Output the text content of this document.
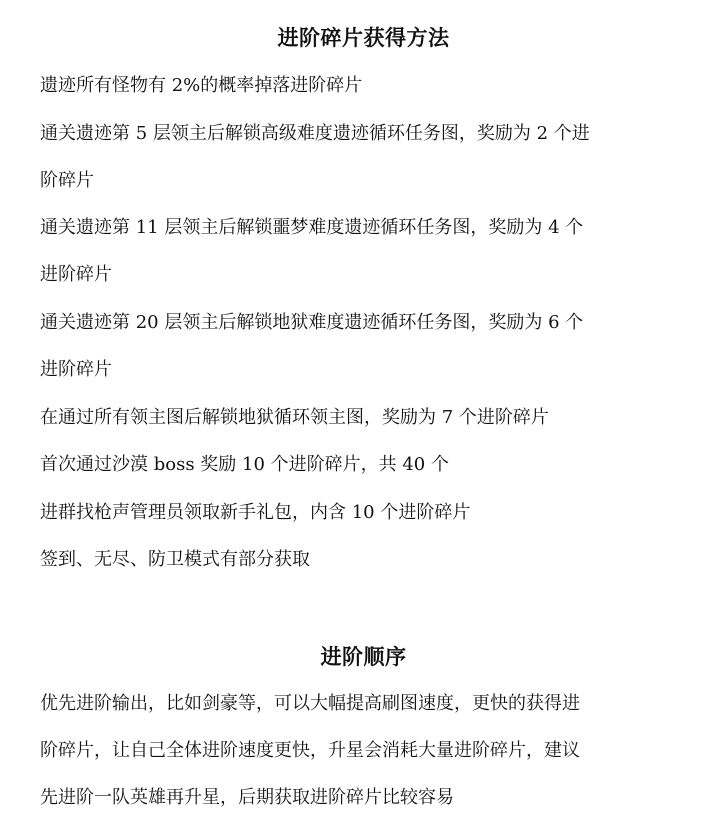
进阶碎片获得方法

遗迹所有怪物有 2%的概率掉落进阶碎片

通关遗迹第 5 层领主后解锁高级难度遗迹循环任务图，奖励为 2 个进

阶碎片

通关遗迹第 11 层领主后解锁噩梦难度遗迹循环任务图，奖励为 4 个

进阶碎片

通关遗迹第 20 层领主后解锁地狱难度遗迹循环任务图，奖励为 6 个

进阶碎片

在通过所有领主图后解锁地狱循环领主图，奖励为 7 个进阶碎片

首次通过沙漠 boss 奖励 10 个进阶碎片，共 40 个

进群找枪声管理员领取新手礼包，内含 10 个进阶碎片

签到、无尽、防卫模式有部分获取

进阶顺序

优先进阶输出，比如剑豪等，可以大幅提高刷图速度，更快的获得进

阶碎片，让自己全体进阶速度更快，升星会消耗大量进阶碎片，建议

先进阶一队英雄再升星，后期获取进阶碎片比较容易
